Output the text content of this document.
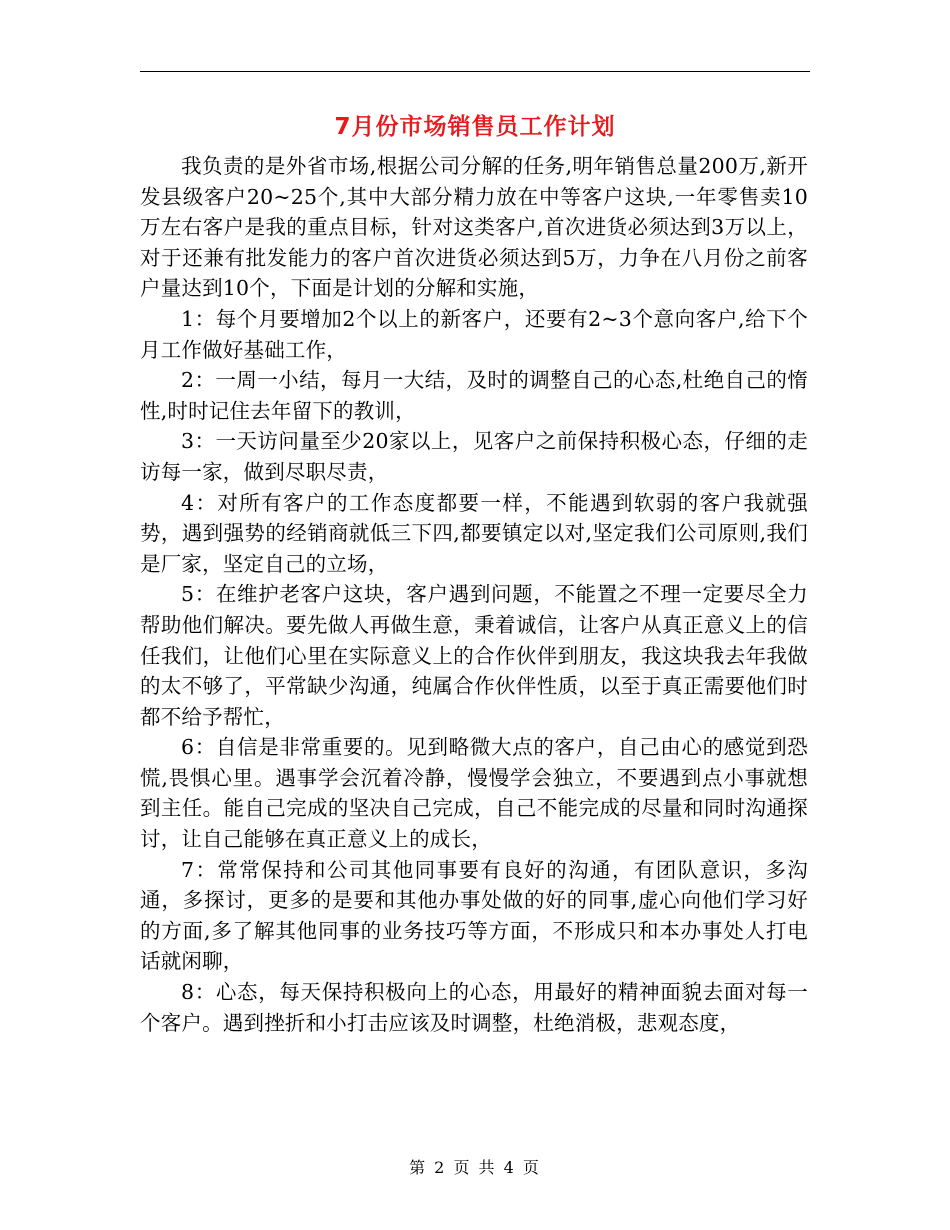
7月份市场销售员工作计划

我负责的是外省市场,根据公司分解的任务,明年销售总量200万,新开发县级客户20~25个,其中大部分精力放在中等客户这块,一年零售卖10万左右客户是我的重点目标，针对这类客户,首次进货必须达到3万以上，对于还兼有批发能力的客户首次进货必须达到5万，力争在八月份之前客户量达到10个，下面是计划的分解和实施，

1：每个月要增加2个以上的新客户，还要有2~3个意向客户,给下个月工作做好基础工作，

2：一周一小结，每月一大结，及时的调整自己的心态,杜绝自己的惰性,时时记住去年留下的教训，

3：一天访问量至少20家以上，见客户之前保持积极心态，仔细的走访每一家，做到尽职尽责，

4：对所有客户的工作态度都要一样，不能遇到软弱的客户我就强势，遇到强势的经销商就低三下四,都要镇定以对,坚定我们公司原则,我们是厂家，坚定自己的立场，

5：在维护老客户这块，客户遇到问题，不能置之不理一定要尽全力帮助他们解决。要先做人再做生意，秉着诚信，让客户从真正意义上的信任我们，让他们心里在实际意义上的合作伙伴到朋友，我这块我去年我做的太不够了，平常缺少沟通，纯属合作伙伴性质，以至于真正需要他们时都不给予帮忙，

6：自信是非常重要的。见到略微大点的客户，自己由心的感觉到恐慌,畏惧心里。遇事学会沉着冷静，慢慢学会独立，不要遇到点小事就想到主任。能自己完成的坚决自己完成，自己不能完成的尽量和同时沟通探讨，让自己能够在真正意义上的成长，

7：常常保持和公司其他同事要有良好的沟通，有团队意识，多沟通，多探讨，更多的是要和其他办事处做的好的同事,虚心向他们学习好的方面,多了解其他同事的业务技巧等方面，不形成只和本办事处人打电话就闲聊，

8：心态，每天保持积极向上的心态，用最好的精神面貌去面对每一个客户。遇到挫折和小打击应该及时调整，杜绝消极，悲观态度，

第 2 页 共 4 页
